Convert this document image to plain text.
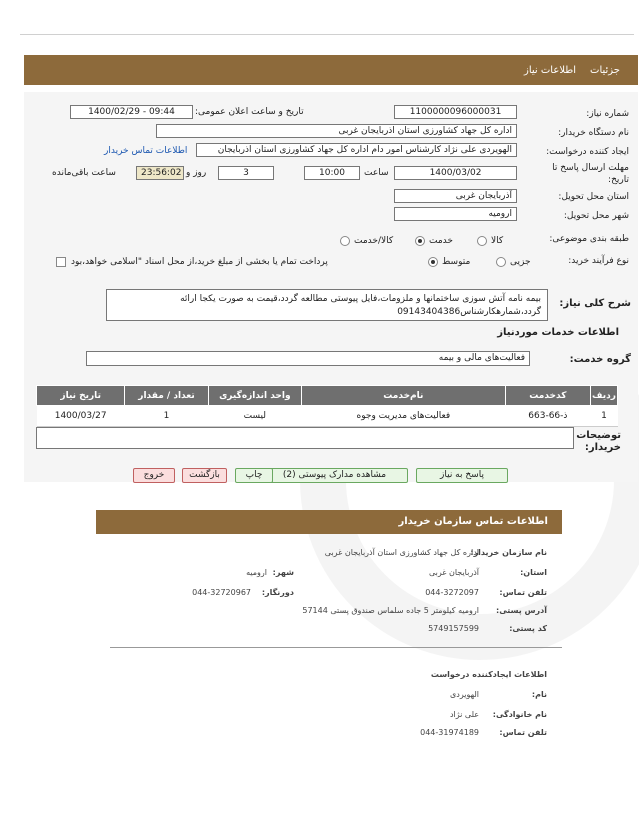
جزئیات
اطلاعات نیاز
شماره نیاز:
1100000096000031
تاریخ و ساعت اعلان عمومی:
1400/02/29 - 09:44
نام دستگاه خریدار:
اداره کل جهاد کشاورزی استان اذربایجان غربی
ایجاد کننده درخواست:
الهویردی علی نژاد کارشناس امور دام اداره کل جهاد کشاورزی استان اذربایجان
اطلاعات تماس خریدار
مهلت ارسال پاسخ تا تاریخ:
1400/03/02
ساعت
10:00
3
روز و
23:56:02
ساعت باقی‌مانده
استان محل تحویل:
آذربایجان غربی
شهر محل تحویل:
ارومیه
طبقه بندی موضوعی:
کالا
خدمت
کالا/خدمت
نوع فرآیند خرید:
جزیی
متوسط
پرداخت تمام یا بخشی از مبلغ خرید،از محل اسناد "اسلامی خواهد،بود
شرح کلی نیاز:
بیمه نامه آتش سوزی ساختمانها و ملزومات،فایل پیوستی مطالعه گردد،قیمت به صورت یکجا ارائه گردد،شمارهکارشناس09143404386
اطلاعات خدمات موردنیاز
گروه خدمت:
فعالیت‌های مالی و بیمه
ردیف	کدخدمت	نام‌خدمت	واحد اندازه‌گیری	تعداد / مقدار	تاریخ نیاز
1	ذ-66-663	فعالیت‌های مدیریت وجوه	لیست	1	1400/03/27
توضیحات خریدار:
پاسخ به نیاز
مشاهده مدارک پیوستی (2)
چاپ
بازگشت
خروج
اطلاعات تماس سازمان خریدار
نام سازمان خریدار:
اداره کل جهاد کشاورزی استان آذربایجان غربی
استان:
آذربایجان غربی
شهر:
ارومیه
تلفن تماس:
044-3272097
دورنگار:
044-32720967
آدرس پستی:
ارومیه کیلومتر 5 جاده سلماس صندوق پستی 57144
کد پستی:
5749157599
اطلاعات ایجادکننده درخواست
نام:
الهویردی
نام خانوادگی:
علی نژاد
تلفن تماس:
044-31974189
